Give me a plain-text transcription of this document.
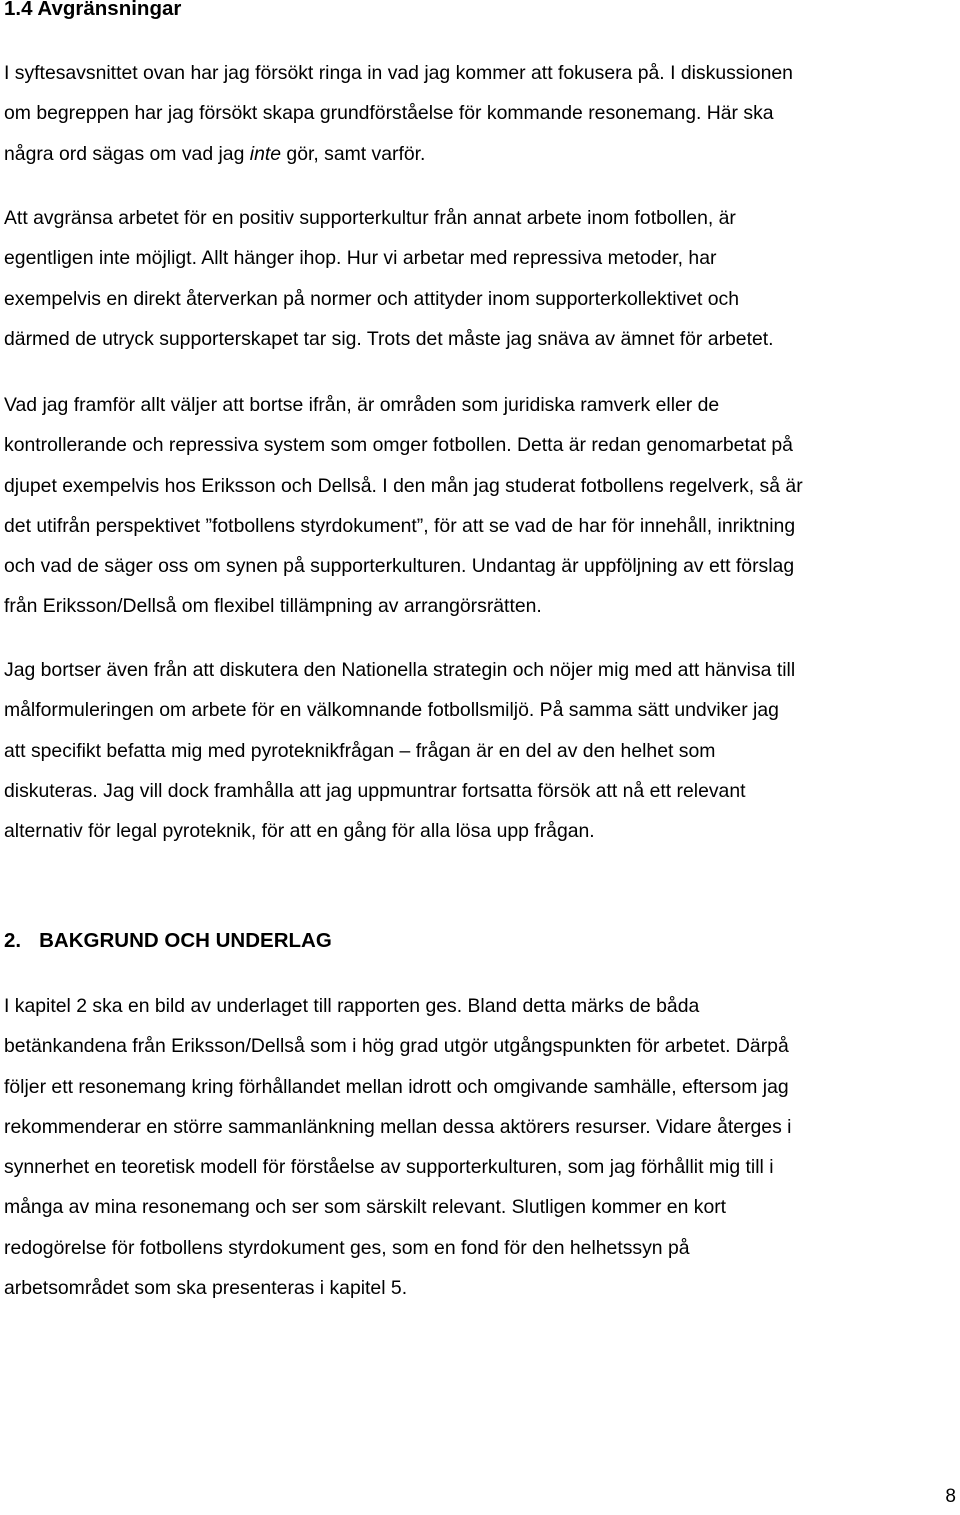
1.4 Avgränsningar

I syftesavsnittet ovan har jag försökt ringa in vad jag kommer att fokusera på. I diskussionen
om begreppen har jag försökt skapa grundförståelse för kommande resonemang. Här ska
några ord sägas om vad jag inte gör, samt varför.

Att avgränsa arbetet för en positiv supporterkultur från annat arbete inom fotbollen, är
egentligen inte möjligt. Allt hänger ihop. Hur vi arbetar med repressiva metoder, har
exempelvis en direkt återverkan på normer och attityder inom supporterkollektivet och
därmed de utryck supporterskapet tar sig. Trots det måste jag snäva av ämnet för arbetet.

Vad jag framför allt väljer att bortse ifrån, är områden som juridiska ramverk eller de
kontrollerande och repressiva system som omger fotbollen. Detta är redan genomarbetat på
djupet exempelvis hos Eriksson och Dellså. I den mån jag studerat fotbollens regelverk, så är
det utifrån perspektivet ”fotbollens styrdokument”, för att se vad de har för innehåll, inriktning
och vad de säger oss om synen på supporterkulturen. Undantag är uppföljning av ett förslag
från Eriksson/Dellså om flexibel tillämpning av arrangörsrätten.

Jag bortser även från att diskutera den Nationella strategin och nöjer mig med att hänvisa till
målformuleringen om arbete för en välkomnande fotbollsmiljö. På samma sätt undviker jag
att specifikt befatta mig med pyroteknikfrågan – frågan är en del av den helhet som
diskuteras. Jag vill dock framhålla att jag uppmuntrar fortsatta försök att nå ett relevant
alternativ för legal pyroteknik, för att en gång för alla lösa upp frågan.

2. BAKGRUND OCH UNDERLAG

I kapitel 2 ska en bild av underlaget till rapporten ges. Bland detta märks de båda
betänkandena från Eriksson/Dellså som i hög grad utgör utgångspunkten för arbetet. Därpå
följer ett resonemang kring förhållandet mellan idrott och omgivande samhälle, eftersom jag
rekommenderar en större sammanlänkning mellan dessa aktörers resurser. Vidare återges i
synnerhet en teoretisk modell för förståelse av supporterkulturen, som jag förhållit mig till i
många av mina resonemang och ser som särskilt relevant. Slutligen kommer en kort
redogörelse för fotbollens styrdokument ges, som en fond för den helhetssyn på
arbetsområdet som ska presenteras i kapitel 5.

8
